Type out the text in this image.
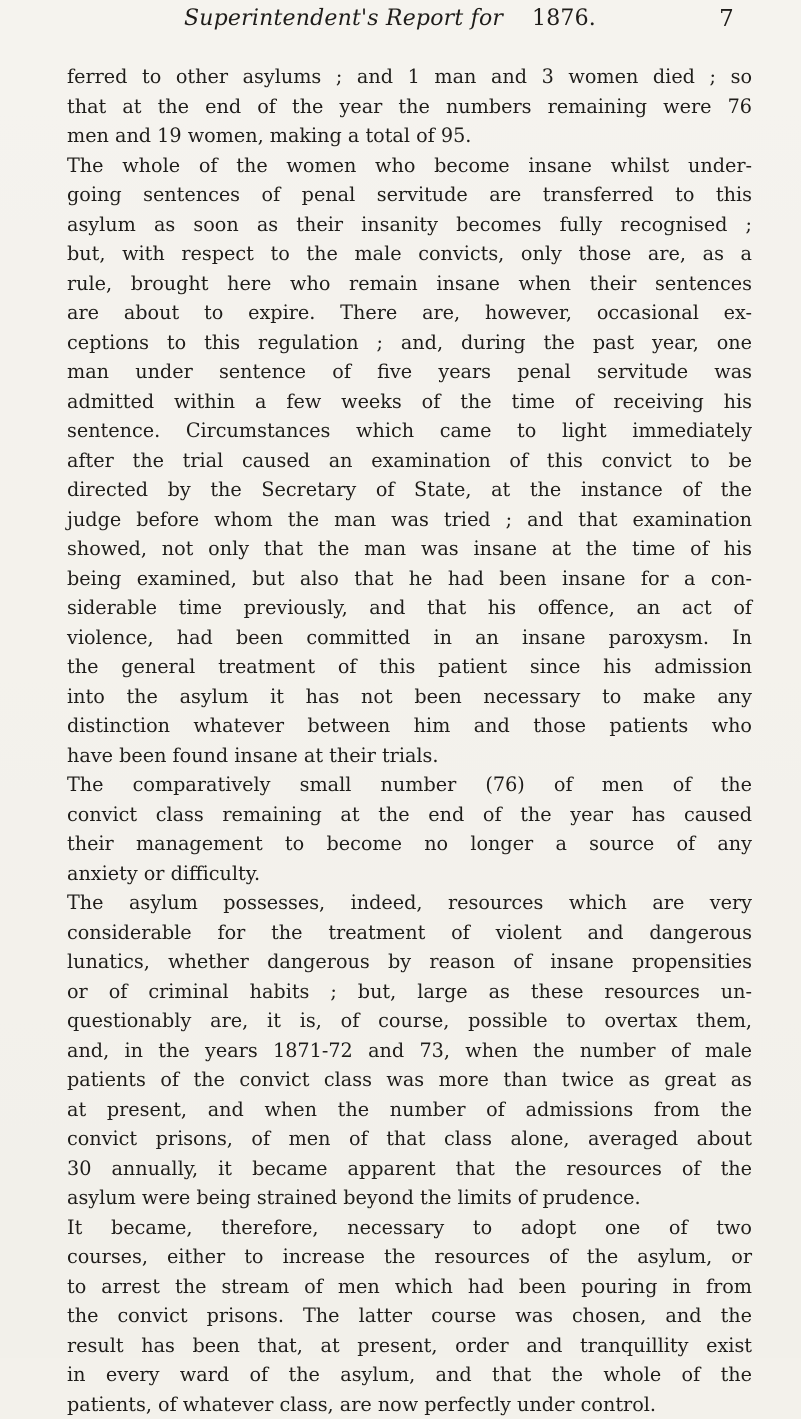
Superintendent's Report for 1876.	7

ferred to other asylums ; and 1 man and 3 women died ; so
that at the end of the year the numbers remaining were 76
men and 19 women, making a total of 95.

The whole of the women who become insane whilst under-
going sentences of penal servitude are transferred to this
asylum as soon as their insanity becomes fully recognised ;
but, with respect to the male convicts, only those are, as a
rule, brought here who remain insane when their sentences
are about to expire. There are, however, occasional ex-
ceptions to this regulation ; and, during the past year, one
man under sentence of five years penal servitude was
admitted within a few weeks of the time of receiving his
sentence. Circumstances which came to light immediately
after the trial caused an examination of this convict to be
directed by the Secretary of State, at the instance of the
judge before whom the man was tried ; and that examination
showed, not only that the man was insane at the time of his
being examined, but also that he had been insane for a con-
siderable time previously, and that his offence, an act of
violence, had been committed in an insane paroxysm. In
the general treatment of this patient since his admission
into the asylum it has not been necessary to make any
distinction whatever between him and those patients who
have been found insane at their trials.

The comparatively small number (76) of men of the
convict class remaining at the end of the year has caused
their management to become no longer a source of any
anxiety or difficulty.

The asylum possesses, indeed, resources which are very
considerable for the treatment of violent and dangerous
lunatics, whether dangerous by reason of insane propensities
or of criminal habits ; but, large as these resources un-
questionably are, it is, of course, possible to overtax them,
and, in the years 1871-72 and 73, when the number of male
patients of the convict class was more than twice as great as
at present, and when the number of admissions from the
convict prisons, of men of that class alone, averaged about
30 annually, it became apparent that the resources of the
asylum were being strained beyond the limits of prudence.

It became, therefore, necessary to adopt one of two
courses, either to increase the resources of the asylum, or
to arrest the stream of men which had been pouring in from
the convict prisons. The latter course was chosen, and the
result has been that, at present, order and tranquillity exist
in every ward of the asylum, and that the whole of the
patients, of whatever class, are now perfectly under control.
